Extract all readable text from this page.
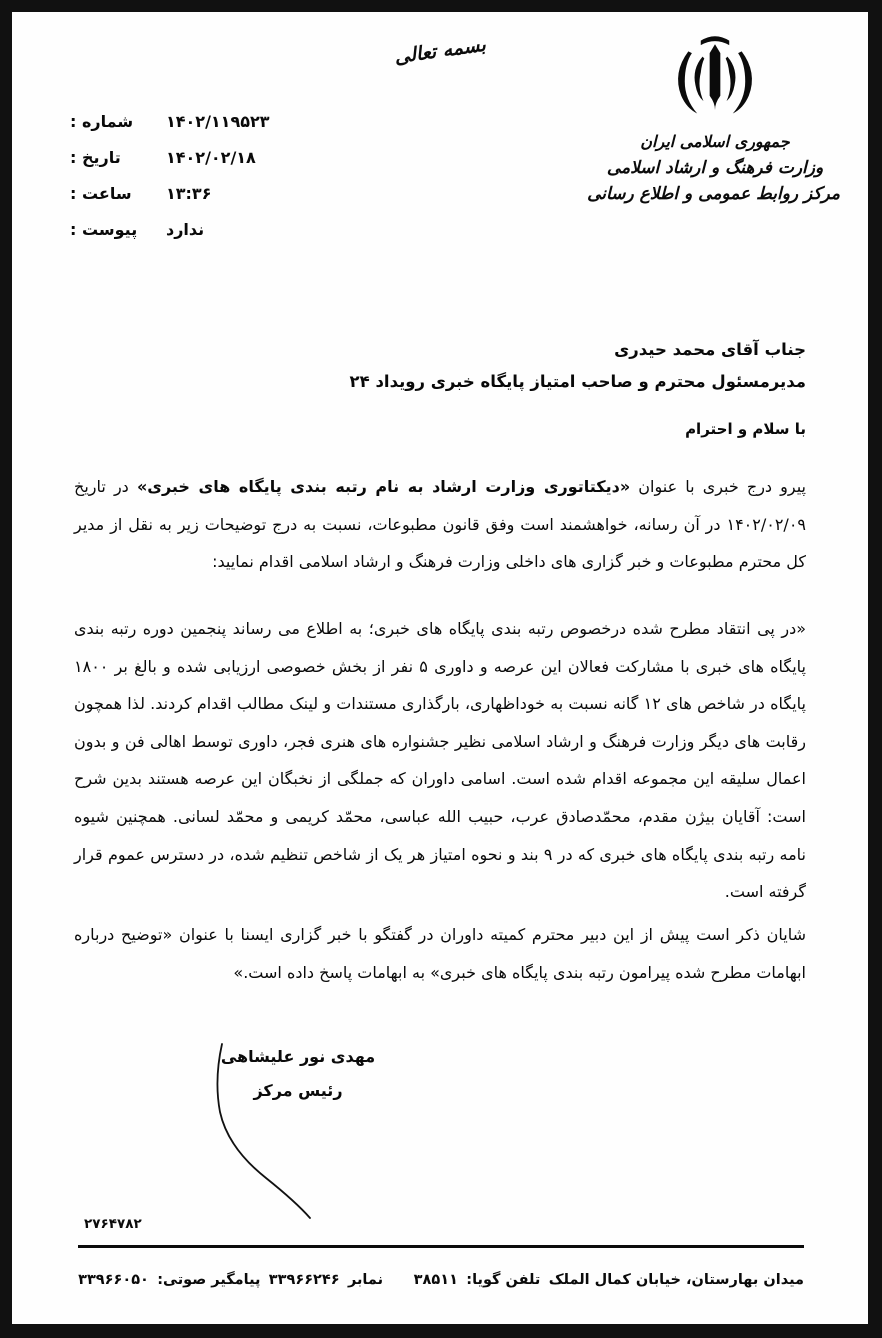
بسمه تعالی
جمهوری اسلامی ایران
وزارت فرهنگ و ارشاد اسلامی
مرکز روابط عمومی و اطلاع رسانی
شماره :	۱۴۰۲/۱۱۹۵۲۳
تاریخ :	۱۴۰۲/۰۲/۱۸
ساعت :	۱۳:۳۶
پیوست :	ندارد
جناب آقای محمد حیدری
مدیرمسئول محترم و صاحب امتیاز پایگاه خبری رویداد ۲۴
با سلام و احترام

پیرو درج خبری با عنوان «دیکتاتوری وزارت ارشاد به نام رتبه بندی پایگاه های خبری» در تاریخ ۱۴۰۲/۰۲/۰۹ در آن رسانه، خواهشمند است وفق قانون مطبوعات، نسبت به درج توضیحات زیر به نقل از مدیر کل محترم مطبوعات و خبر گزاری های داخلی وزارت فرهنگ و ارشاد اسلامی اقدام نمایید:

«در پی انتقاد مطرح شده درخصوص رتبه بندی پایگاه های خبری؛ به اطلاع می رساند پنجمین دوره رتبه بندی پایگاه های خبری با مشارکت فعالان این عرصه و داوری ۵ نفر از بخش خصوصی ارزیابی شده و بالغ بر ۱۸۰۰ پایگاه در شاخص های ۱۲ گانه نسبت به خوداظهاری، بارگذاری مستندات و لینک مطالب اقدام کردند. لذا همچون رقابت های دیگر وزارت فرهنگ و ارشاد اسلامی نظیر جشنواره های هنری فجر، داوری توسط اهالی فن و بدون اعمال سلیقه این مجموعه اقدام شده است. اسامی داوران که جملگی از نخبگان این عرصه هستند بدین شرح است: آقایان بیژن مقدم، محمّدصادق عرب، حبیب الله عباسی، محمّد کریمی و محمّد لسانی. همچنین شیوه نامه رتبه بندی پایگاه های خبری که در ۹ بند و نحوه امتیاز هر یک از شاخص تنظیم شده، در دسترس عموم قرار گرفته است.

شایان ذکر است پیش از این دبیر محترم کمیته داوران در گفتگو با خبر گزاری ایسنا با عنوان «توضیح درباره ابهامات مطرح شده پیرامون رتبه بندی پایگاه های خبری» به ابهامات پاسخ داده است.»

مهدی نور علیشاهی
رئیس مرکز
۲۷۶۴۷۸۲
میدان بهارستان، خیابان کمال الملک
تلفن گویا:
۳۸۵۱۱
نمابر
۳۳۹۶۶۲۴۶
پیامگیر صوتی:
۳۳۹۶۶۰۵۰
